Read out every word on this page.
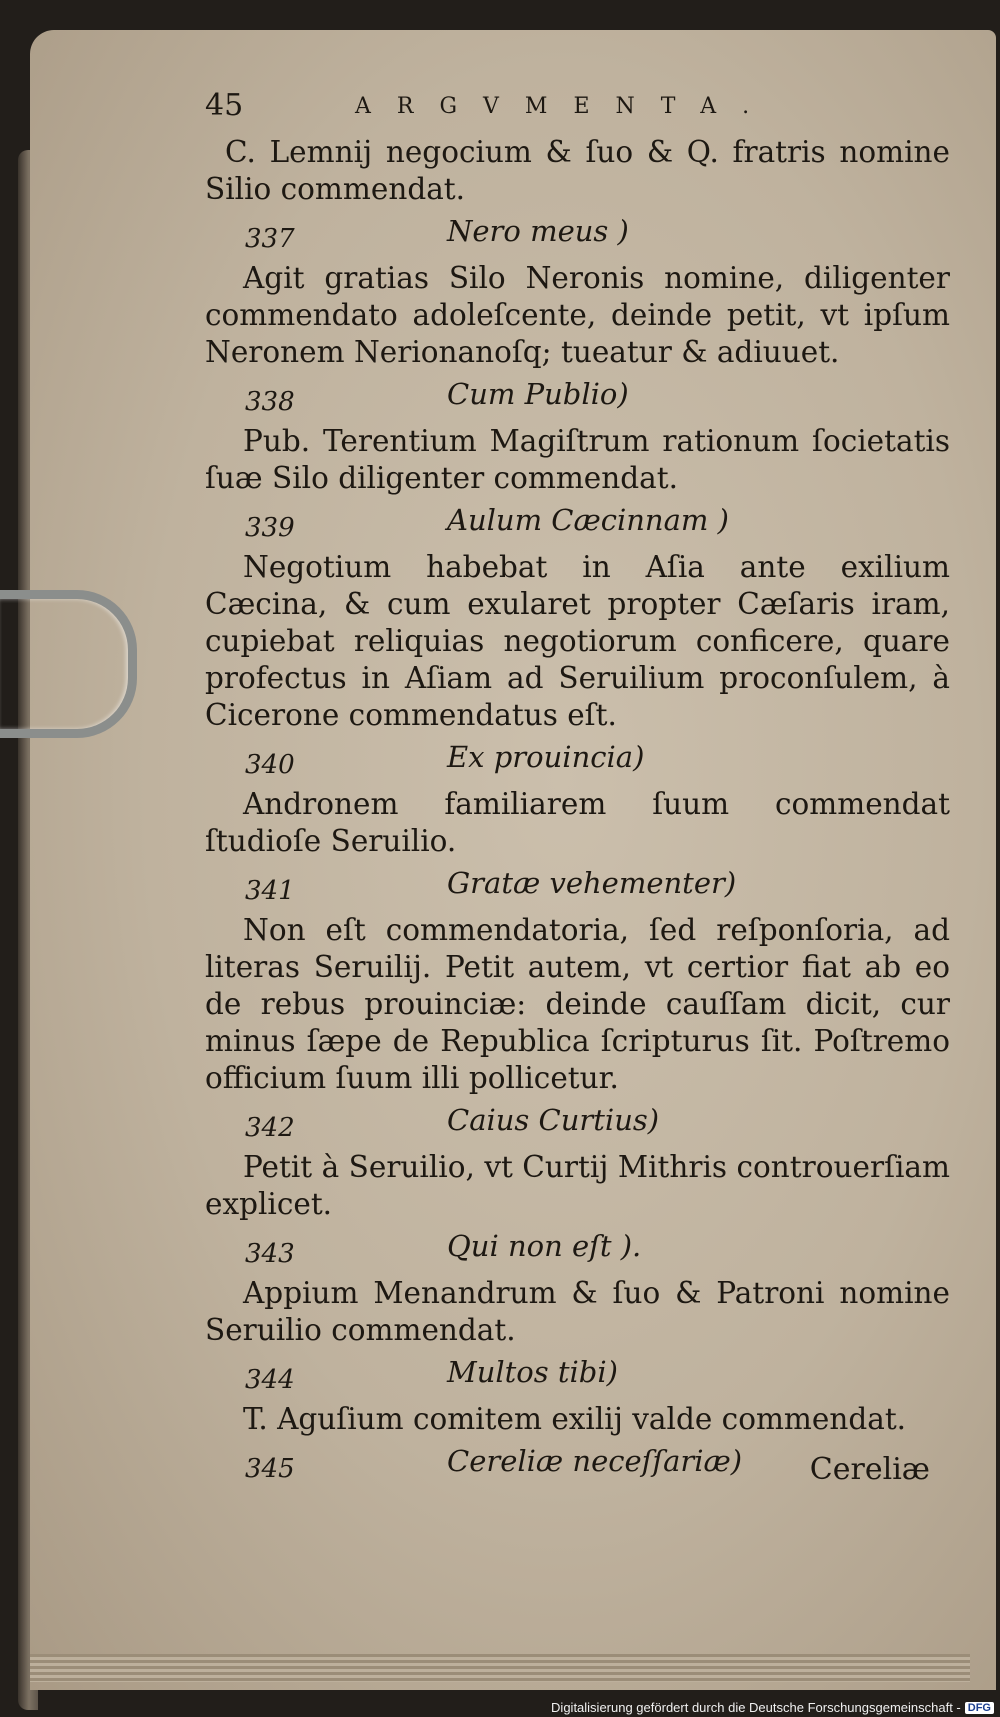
45	ARGVMENTA.

C. Lemnij negocium & ſuo & Q. fratris nomine Silio commendat.

337	Nero meus )

Agit gratias Silo Neronis nomine, diligenter commendato adoleſcente, deinde petit, vt ipſum Neronem Nerionanoſq; tueatur & adiuuet.

338	Cum Publio)

Pub. Terentium Magiſtrum rationum ſocietatis ſuæ Silo diligenter commendat.

339	Aulum Cæcinnam )

Negotium habebat in Aſia ante exilium Cæcina, & cum exularet propter Cæſaris iram, cupiebat reliquias negotiorum conficere, quare profectus in Aſiam ad Seruilium proconſulem, à Cicerone commendatus eſt.

340	Ex prouincia)

Andronem familiarem ſuum commendat ſtudioſe Seruilio.

341	Gratæ vehementer)

Non eſt commendatoria, ſed reſponſoria, ad literas Seruilij. Petit autem, vt certior fiat ab eo de rebus prouinciæ: deinde cauſſam dicit, cur minus ſæpe de Republica ſcripturus ſit. Poſtremo officium ſuum illi pollicetur.

342	Caius Curtius)

Petit à Seruilio, vt Curtij Mithris controuerſiam explicet.

343	Qui non eſt ).

Appium Menandrum & ſuo & Patroni nomine Seruilio commendat.

344	Multos tibi)

T. Aguſium comitem exilij valde commendat.

345	Cereliæ neceſſariæ) Cereliæ
Digitalisierung gefördert durch die Deutsche Forschungsgemeinschaft - DFG
